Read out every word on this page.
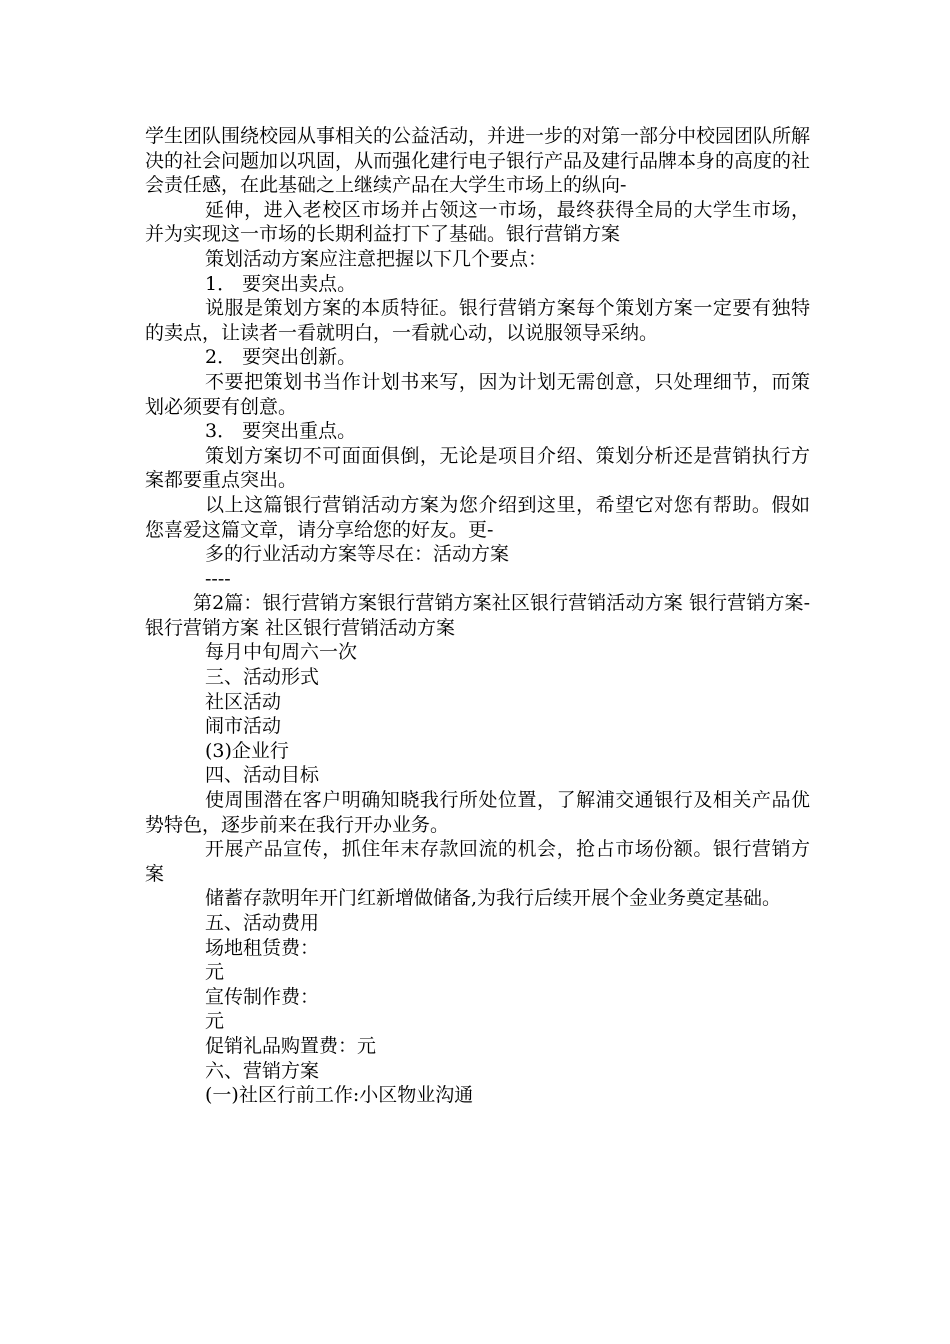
学生团队围绕校园从事相关的公益活动，并进一步的对第一部分中校园团队所解决的社会问题加以巩固，从而强化建行电子银行产品及建行品牌本身的高度的社会责任感，在此基础之上继续产品在大学生市场上的纵向-

延伸，进入老校区市场并占领这一市场，最终获得全局的大学生市场，并为实现这一市场的长期利益打下了基础。银行营销方案

策划活动方案应注意把握以下几个要点：

1． 要突出卖点。

说服是策划方案的本质特征。银行营销方案每个策划方案一定要有独特的卖点，让读者一看就明白，一看就心动，以说服领导采纳。

2． 要突出创新。

不要把策划书当作计划书来写，因为计划无需创意，只处理细节，而策划必须要有创意。

3． 要突出重点。

策划方案切不可面面俱倒，无论是项目介绍、策划分析还是营销执行方案都要重点突出。

以上这篇银行营销活动方案为您介绍到这里，希望它对您有帮助。假如您喜爱这篇文章，请分享给您的好友。更-

多的行业活动方案等尽在：活动方案

----

第2篇：银行营销方案银行营销方案社区银行营销活动方案 银行营销方案-银行营销方案 社区银行营销活动方案

每月中旬周六一次

三、活动形式

社区活动

闹市活动

(3)企业行

四、活动目标

使周围潜在客户明确知晓我行所处位置，了解浦交通银行及相关产品优势特色，逐步前来在我行开办业务。

开展产品宣传，抓住年末存款回流的机会，抢占市场份额。银行营销方案

储蓄存款明年开门红新增做储备,为我行后续开展个金业务奠定基础。

五、活动费用

场地租赁费：

元

宣传制作费：

元

促销礼品购置费：元

六、营销方案

(一)社区行前工作:小区物业沟通
